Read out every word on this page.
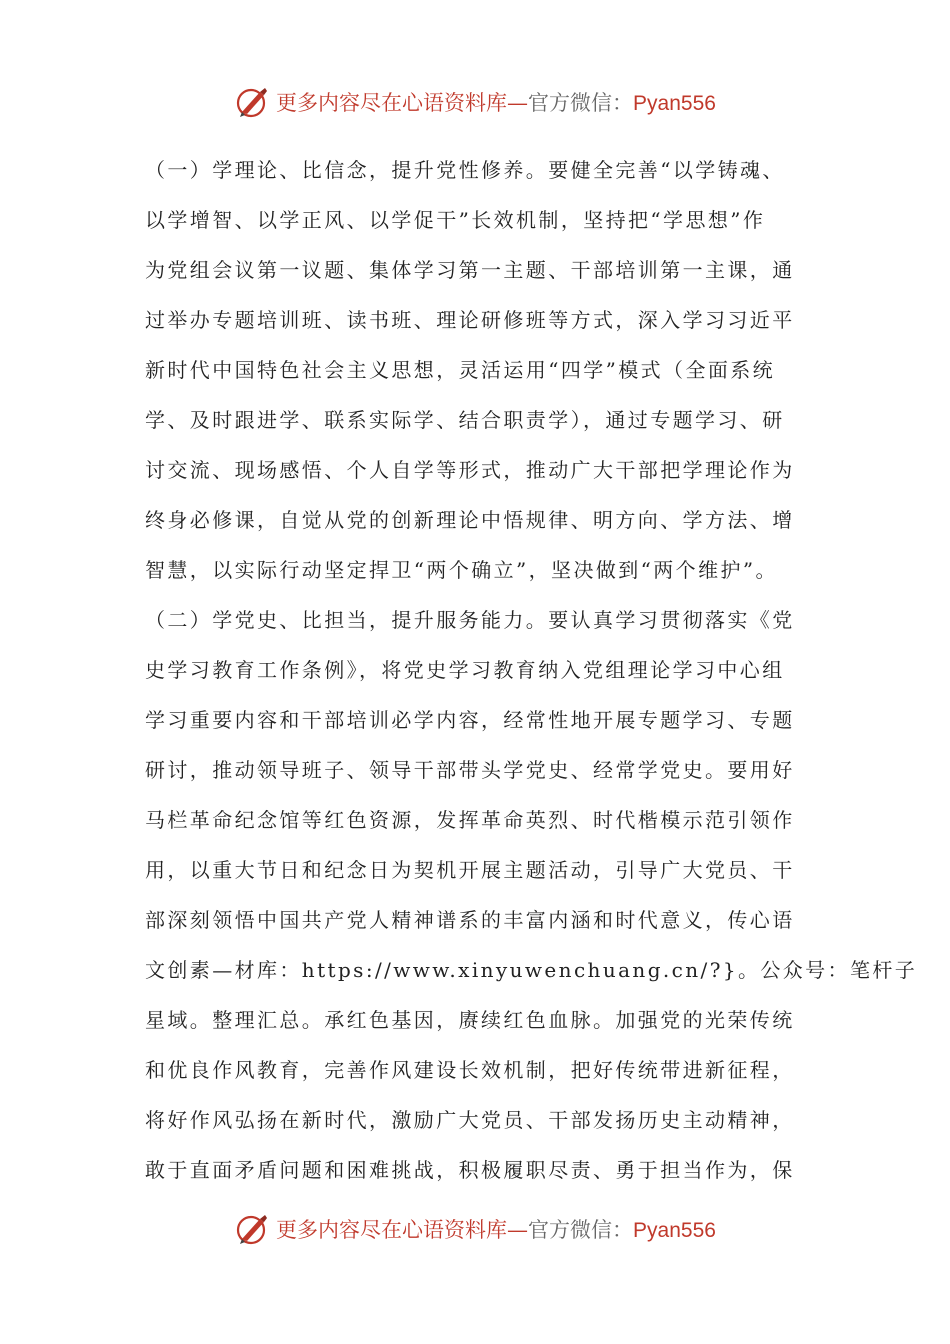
更多内容尽在心语资料库—官方微信：Pyan556
（一）学理论、比信念，提升党性修养。要健全完善“以学铸魂、
以学增智、以学正风、以学促干”长效机制，坚持把“学思想”作
为党组会议第一议题、集体学习第一主题、干部培训第一主课，通
过举办专题培训班、读书班、理论研修班等方式，深入学习习近平
新时代中国特色社会主义思想，灵活运用“四学”模式（全面系统
学、及时跟进学、联系实际学、结合职责学），通过专题学习、研
讨交流、现场感悟、个人自学等形式，推动广大干部把学理论作为
终身必修课，自觉从党的创新理论中悟规律、明方向、学方法、增
智慧，以实际行动坚定捍卫“两个确立”，坚决做到“两个维护”。
（二）学党史、比担当，提升服务能力。要认真学习贯彻落实《党
史学习教育工作条例》，将党史学习教育纳入党组理论学习中心组
学习重要内容和干部培训必学内容，经常性地开展专题学习、专题
研讨，推动领导班子、领导干部带头学党史、经常学党史。要用好
马栏革命纪念馆等红色资源，发挥革命英烈、时代楷模示范引领作
用，以重大节日和纪念日为契机开展主题活动，引导广大党员、干
部深刻领悟中国共产党人精神谱系的丰富内涵和时代意义，传心语
文创素—材库：https://www.xinyuwenchuang.cn/?}。公众号：笔杆子
星域。整理汇总。承红色基因，赓续红色血脉。加强党的光荣传统
和优良作风教育，完善作风建设长效机制，把好传统带进新征程，
将好作风弘扬在新时代，激励广大党员、干部发扬历史主动精神，
敢于直面矛盾问题和困难挑战，积极履职尽责、勇于担当作为，保
更多内容尽在心语资料库—官方微信：Pyan556
